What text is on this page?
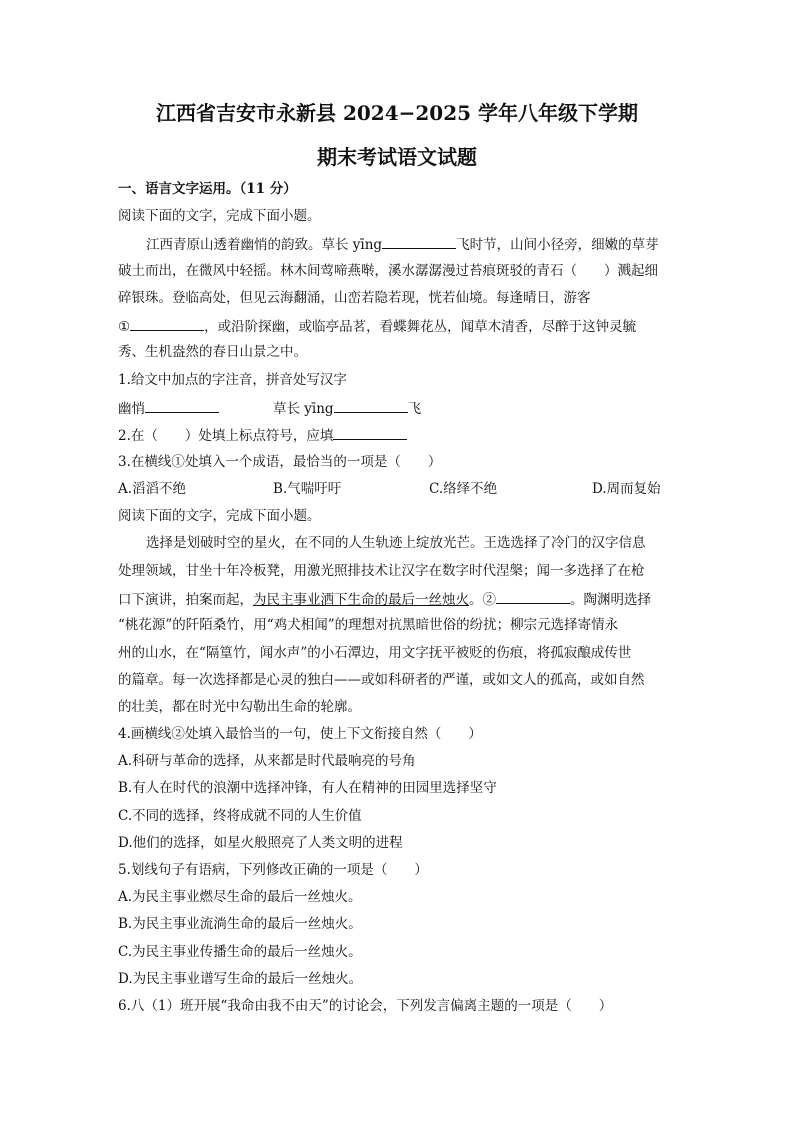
江西省吉安市永新县 2024−2025 学年八年级下学期
期末考试语文试题
一、语言文字运用。（11 分）
阅读下面的文字，完成下面小题。
江西青原山透着幽悄的韵致。草长 yīng	飞时节，山间小径旁，细嫩的草芽
破土而出，在微风中轻摇。林木间莺啼燕啭，溪水潺潺漫过苔痕斑驳的青石（　　）溅起细
碎银珠。登临高处，但见云海翻涌，山峦若隐若现，恍若仙境。每逢晴日，游客
①	，或沿阶探幽，或临亭品茗，看蝶舞花丛，闻草木清香，尽醉于这钟灵毓
秀、生机盎然的春日山景之中。
1.给文中加点的字注音，拼音处写汉字
幽悄	草长 yīng	飞
2.在（　　）处填上标点符号，应填
3.在横线①处填入一个成语，最恰当的一项是（　　）
A.滔滔不绝	B.气喘吁吁	C.络绎不绝	D.周而复始
阅读下面的文字，完成下面小题。
选择是划破时空的星火，在不同的人生轨迹上绽放光芒。王选选择了冷门的汉字信息
处理领域，甘坐十年冷板凳，用激光照排技术让汉字在数字时代涅槃；闻一多选择了在枪
口下演讲，拍案而起，为民主事业洒下生命的最后一丝烛火。②	。陶渊明选择
“桃花源”的阡陌桑竹，用“鸡犬相闻”的理想对抗黑暗世俗的纷扰；柳宗元选择寄情永
州的山水，在“隔篁竹，闻水声”的小石潭边，用文字抚平被贬的伤痕，将孤寂酿成传世
的篇章。每一次选择都是心灵的独白——或如科研者的严谨，或如文人的孤高，或如自然
的壮美，都在时光中勾勒出生命的轮廓。
4.画横线②处填入最恰当的一句，使上下文衔接自然（　　）
A.科研与革命的选择，从来都是时代最响亮的号角
B.有人在时代的浪潮中选择冲锋，有人在精神的田园里选择坚守
C.不同的选择，终将成就不同的人生价值
D.他们的选择，如星火般照亮了人类文明的进程
5.划线句子有语病，下列修改正确的一项是（　　）
A.为民主事业燃尽生命的最后一丝烛火。
B.为民主事业流淌生命的最后一丝烛火。
C.为民主事业传播生命的最后一丝烛火。
D.为民主事业谱写生命的最后一丝烛火。
6.八（1）班开展“我命由我不由天”的讨论会，下列发言偏离主题的一项是（　　）
